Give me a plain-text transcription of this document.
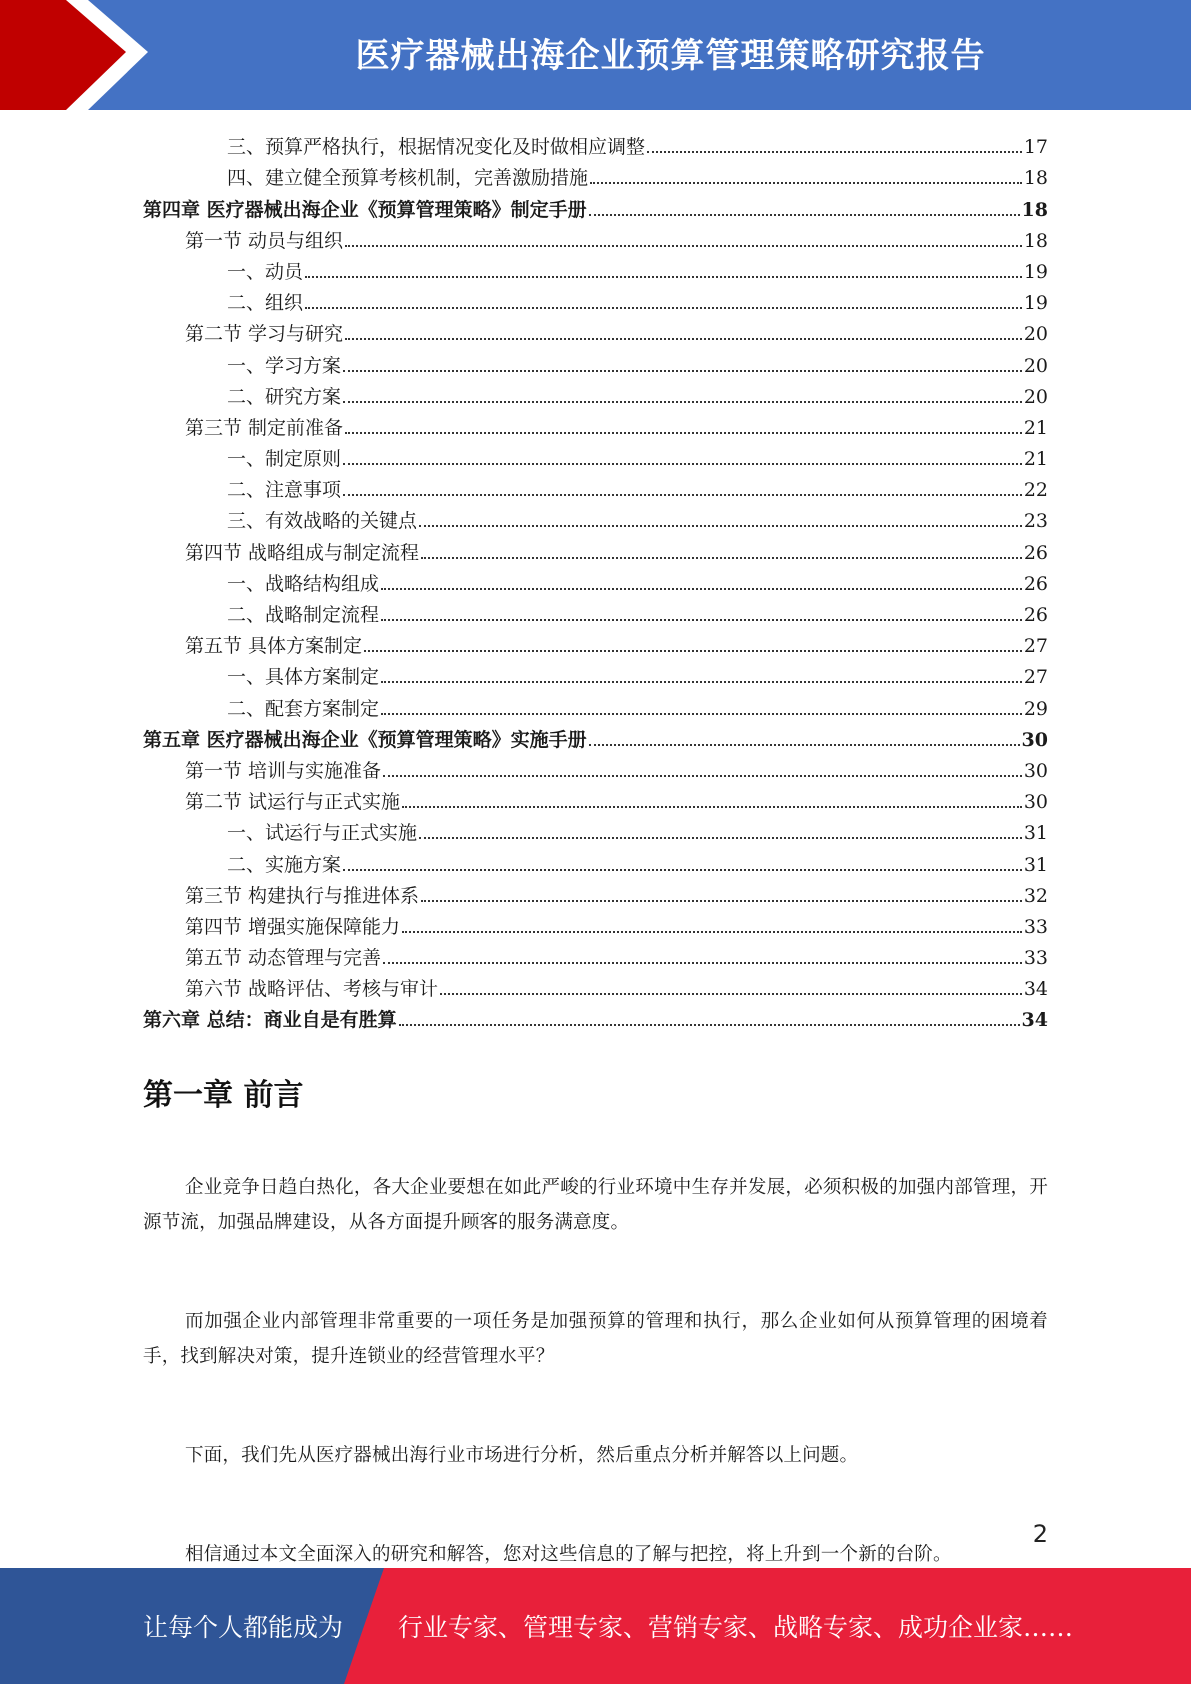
医疗器械出海企业预算管理策略研究报告
三、预算严格执行，根据情况变化及时做相应调整	17
四、建立健全预算考核机制，完善激励措施	18
第四章 医疗器械出海企业《预算管理策略》制定手册	18
第一节 动员与组织	18
一、动员	19
二、组织	19
第二节 学习与研究	20
一、学习方案	20
二、研究方案	20
第三节 制定前准备	21
一、制定原则	21
二、注意事项	22
三、有效战略的关键点	23
第四节 战略组成与制定流程	26
一、战略结构组成	26
二、战略制定流程	26
第五节 具体方案制定	27
一、具体方案制定	27
二、配套方案制定	29
第五章 医疗器械出海企业《预算管理策略》实施手册	30
第一节 培训与实施准备	30
第二节 试运行与正式实施	30
一、试运行与正式实施	31
二、实施方案	31
第三节 构建执行与推进体系	32
第四节 增强实施保障能力	33
第五节 动态管理与完善	33
第六节 战略评估、考核与审计	34
第六章 总结：商业自是有胜算	34
第一章 前言

企业竞争日趋白热化，各大企业要想在如此严峻的行业环境中生存并发展，必须积极的加强内部管理，开源节流，加强品牌建设，从各方面提升顾客的服务满意度。

而加强企业内部管理非常重要的一项任务是加强预算的管理和执行，那么企业如何从预算管理的困境着手，找到解决对策，提升连锁业的经营管理水平？

下面，我们先从医疗器械出海行业市场进行分析，然后重点分析并解答以上问题。

相信通过本文全面深入的研究和解答，您对这些信息的了解与把控，将上升到一个新的台阶。

2
让每个人都能成为 行业专家、管理专家、营销专家、战略专家、成功企业家……
